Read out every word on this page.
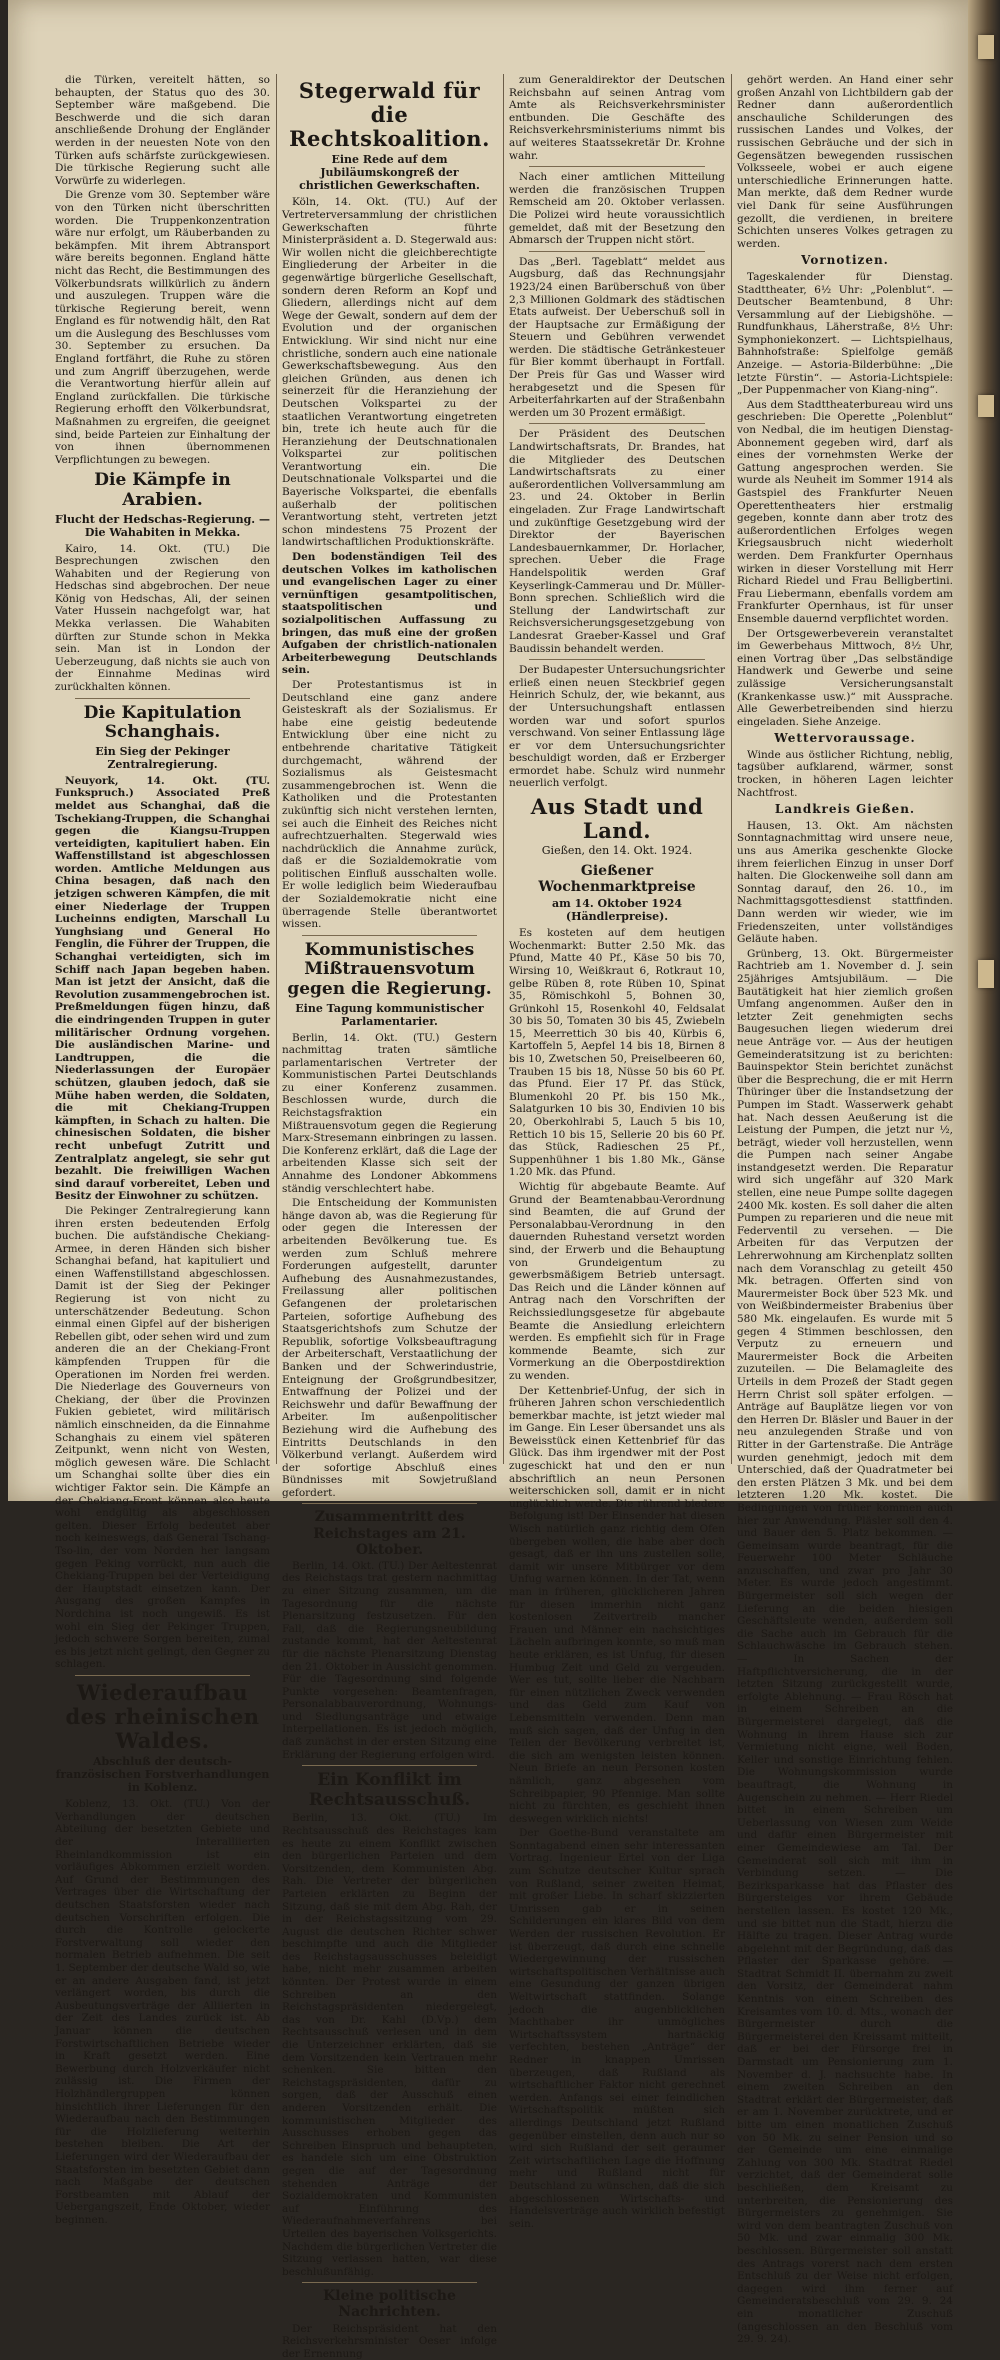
die Türken, vereitelt hätten, so behaupten, der Status quo des 30. September wäre maßgebend. Die Beschwerde und die sich daran anschließende Drohung der Engländer werden in der neuesten Note von den Türken aufs schärfste zurückgewiesen. Die türkische Regierung sucht alle Vorwürfe zu widerlegen.

Die Grenze vom 30. September wäre von den Türken nicht überschritten worden. Die Truppenkonzentration wäre nur erfolgt, um Räuberbanden zu bekämpfen. Mit ihrem Abtransport wäre bereits begonnen. England hätte nicht das Recht, die Bestimmungen des Völkerbundsrats willkürlich zu ändern und auszulegen. Truppen wäre die türkische Regierung bereit, wenn England es für notwendig hält, den Rat um die Auslegung des Beschlusses vom 30. September zu ersuchen. Da England fortfährt, die Ruhe zu stören und zum Angriff überzugehen, werde die Verantwortung hierfür allein auf England zurückfallen. Die türkische Regierung erhofft den Völkerbundsrat, Maßnahmen zu ergreifen, die geeignet sind, beide Parteien zur Einhaltung der von ihnen übernommenen Verpflichtungen zu bewegen.

Die Kämpfe in Arabien.
Flucht der Hedschas-Regierung. — Die Wahabiten in Mekka.

Kairo, 14. Okt. (TU.) Die Besprechungen zwischen den Wahabiten und der Regierung von Hedschas sind abgebrochen. Der neue König von Hedschas, Ali, der seinen Vater Hussein nachgefolgt war, hat Mekka verlassen. Die Wahabiten dürften zur Stunde schon in Mekka sein. Man ist in London der Ueberzeugung, daß nichts sie auch von der Einnahme Medinas wird zurückhalten können.

Die Kapitulation Schanghais.
Ein Sieg der Pekinger Zentralregierung.

Neuyork, 14. Okt. (TU. Funkspruch.) Associated Preß meldet aus Schanghai, daß die Tschekiang-Truppen, die Schanghai gegen die Kiangsu-Truppen verteidigten, kapituliert haben. Ein Waffenstillstand ist abgeschlossen worden. Amtliche Meldungen aus China besagen, daß nach den jetzigen schweren Kämpfen, die mit einer Niederlage der Truppen Lucheinns endigten, Marschall Lu Yunghsiang und General Ho Fenglin, die Führer der Truppen, die Schanghai verteidigten, sich im Schiff nach Japan begeben haben. Man ist jetzt der Ansicht, daß die Revolution zusammengebrochen ist. Preßmeldungen fügen hinzu, daß die eindringenden Truppen in guter militärischer Ordnung vorgehen. Die ausländischen Marine- und Landtruppen, die die Niederlassungen der Europäer schützen, glauben jedoch, daß sie Mühe haben werden, die Soldaten, die mit Chekiang-Truppen kämpften, in Schach zu halten. Die chinesischen Soldaten, die bisher recht unbefugt Zutritt und Zentralplatz angelegt, sie sehr gut bezahlt. Die freiwilligen Wachen sind darauf vorbereitet, Leben und Besitz der Einwohner zu schützen.

Die Pekinger Zentralregierung kann ihren ersten bedeutenden Erfolg buchen. Die aufständische Chekiang-Armee, in deren Händen sich bisher Schanghai befand, hat kapituliert und einen Waffenstillstand abgeschlossen. Damit ist der Sieg der Pekinger Regierung ist von nicht zu unterschätzender Bedeutung. Schon einmal einen Gipfel auf der bisherigen Rebellen gibt, oder sehen wird und zum anderen die an der Chekiang-Front kämpfenden Truppen für die Operationen im Norden frei werden. Die Niederlage des Gouverneurs von Chekiang, der über die Provinzen Fukien gebietet, wird militärisch nämlich einschneiden, da die Einnahme Schanghais zu einem viel späteren Zeitpunkt, wenn nicht von Westen, möglich gewesen wäre. Die Schlacht um Schanghai sollte über dies ein wichtiger Faktor sein. Die Kämpfe an der Chekiang-Front können also heute wohl endgültig als abgeschlossen gelten. Dieser Erfolg bedeutet aber noch keineswegs, daß General Tschang-Tso-lin, der vom Norden her langsam gegen Peking vorrückt, nun auch die Chekiang-Truppen bei der Verteidigung der Hauptstadt einsetzen kann. Der Ausgang des großen Kampfes in Nordchina ist noch ungewiß. Es ist wohl ein Sieg der Pekinger Truppen, jedoch schwere Sorgen bereiten, zumal es bis jetzt nicht gelingt, den Gegner zu schlagen.

Wiederaufbau des rheinischen Waldes.
Abschluß der deutsch-französischen Forstverhandlungen in Koblenz.

Koblenz, 13. Okt. (TU.) Von der Verhandlungen der deutschen Abteilung der besetzten Gebiete und der Interalliierten Rheinlandkommission ist ein vorläufiges Abkommen erzielt worden. Auf Grund der Bestimmungen des Vertrages über die Wirtschaftung der deutschen Staatsforsten wieder nach deutschen Vorschriften erfolgen. Die durch die Kontrolle gelockerte Forstverwaltung soll wieder den normalen Betrieb aufnehmen. Die seit 1. September der deutsche Wald so, wie er an andere Ausgaben fand, ist jetzt verlängert worden, bis durch die Ausbeutungsverträge der Alliierten in der Zeit des Landes zurück ist. Ab Januar können die deutschen Forstwirtschaftlichen Betriebe wieder in Kraft gesetzt werden. Eine Bewerbung durch Holzverkäufer nicht zulässig ist. Die Firmen der Holzhändlergruppen können hinsichtlich ihrer Lieferungen für den Wiederaufbau nach den Bestimmungen für die Holzlieferung weiterhin bestehen bleiben. Die Art der Lieferungen wird der Wiederaufbau der Staatsforsten im besetzten Gebiet dann nach Maßgabe der deutschen Forstbeamten mit Ablauf der Uebergangszeit, Ende Oktober, wieder beginnen.

Stegerwald für die Rechtskoalition.
Eine Rede auf dem Jubiläumskongreß der christlichen Gewerkschaften.

Köln, 14. Okt. (TU.) Auf der Vertreterversammlung der christlichen Gewerkschaften führte Ministerpräsident a. D. Stegerwald aus: Wir wollen nicht die gleichberechtigte Eingliederung der Arbeiter in die gegenwärtige bürgerliche Gesellschaft, sondern deren Reform an Kopf und Gliedern, allerdings nicht auf dem Wege der Gewalt, sondern auf dem der Evolution und der organischen Entwicklung. Wir sind nicht nur eine christliche, sondern auch eine nationale Gewerkschaftsbewegung. Aus den gleichen Gründen, aus denen ich seinerzeit für die Heranziehung der Deutschen Volkspartei zu der staatlichen Verantwortung eingetreten bin, trete ich heute auch für die Heranziehung der Deutschnationalen Volkspartei zur politischen Verantwortung ein. Die Deutschnationale Volkspartei und die Bayerische Volkspartei, die ebenfalls außerhalb der politischen Verantwortung steht, vertreten jetzt schon mindestens 75 Prozent der landwirtschaftlichen Produktionskräfte.

Den bodenständigen Teil des deutschen Volkes im katholischen und evangelischen Lager zu einer vernünftigen gesamtpolitischen, staatspolitischen und sozialpolitischen Auffassung zu bringen, das muß eine der großen Aufgaben der christlich-nationalen Arbeiterbewegung Deutschlands sein.

Der Protestantismus ist in Deutschland eine ganz andere Geisteskraft als der Sozialismus. Er habe eine geistig bedeutende Entwicklung über eine nicht zu entbehrende charitative Tätigkeit durchgemacht, während der Sozialismus als Geistesmacht zusammengebrochen ist. Wenn die Katholiken und die Protestanten zukünftig sich nicht verstehen lernten, sei auch die Einheit des Reiches nicht aufrechtzuerhalten. Stegerwald wies nachdrücklich die Annahme zurück, daß er die Sozialdemokratie vom politischen Einfluß ausschalten wolle. Er wolle lediglich beim Wiederaufbau der Sozialdemokratie nicht eine überragende Stelle überantwortet wissen.

Kommunistisches Mißtrauensvotum gegen die Regierung.
Eine Tagung kommunistischer Parlamentarier.

Berlin, 14. Okt. (TU.) Gestern nachmittag traten sämtliche parlamentarischen Vertreter der Kommunistischen Partei Deutschlands zu einer Konferenz zusammen. Beschlossen wurde, durch die Reichstagsfraktion ein Mißtrauensvotum gegen die Regierung Marx-Stresemann einbringen zu lassen. Die Konferenz erklärt, daß die Lage der arbeitenden Klasse sich seit der Annahme des Londoner Abkommens ständig verschlechtert habe.

Die Entscheidung der Kommunisten hänge davon ab, was die Regierung für oder gegen die Interessen der arbeitenden Bevölkerung tue. Es werden zum Schluß mehrere Forderungen aufgestellt, darunter Aufhebung des Ausnahmezustandes, Freilassung aller politischen Gefangenen der proletarischen Parteien, sofortige Aufhebung des Staatsgerichtshofs zum Schutze der Republik, sofortige Volksbeauftragung der Arbeiterschaft, Verstaatlichung der Banken und der Schwerindustrie, Enteignung der Großgrundbesitzer, Entwaffnung der Polizei und der Reichswehr und dafür Bewaffnung der Arbeiter. Im außenpolitischer Beziehung wird die Aufhebung des Eintritts Deutschlands in den Völkerbund verlangt. Außerdem wird der sofortige Abschluß eines Bündnisses mit Sowjetrußland gefordert.

Zusammentritt des Reichstages am 21. Oktober.

Berlin, 14. Okt. (TU.) Der Aeltestenrat des Reichstags trat gestern nachmittag zu einer Sitzung zusammen, um die Tagesordnung für die nächste Plenarsitzung festzusetzen. Für den Fall, daß die Regierungsneubildung zustande kommt, hat der Aeltestenrat für die nächste Plenarsitzung Dienstag den 21. Oktober in Aussicht genommen. Für die Tagesordnung sind folgende Punkte vorgesehen: Beamtenfragen, Personalabbauverordnung, Wohnungs- und Siedlungsanträge und etwaige Interpellationen. Es ist jedoch möglich, daß zunächst in der ersten Sitzung eine Erklärung der Regierung erfolgen wird.

Ein Konflikt im Rechtsausschuß.

Berlin, 13. Okt. (TU.) Im Rechtsausschuß des Reichstages kam es heute zu einem Konflikt zwischen den bürgerlichen Parteien und dem Vorsitzenden, dem Kommunisten Abg. Rah. Die Vertreter der bürgerlichen Parteien erklärten zu Beginn der Sitzung, daß sie mit dem Abg. Rah, der in der Reichstagssitzung vom 29. August die deutschen Richter schwer beschimpfte und auch die Mitglieder des Reichstagsausschusses beleidigt habe, nicht mehr zusammen arbeiten könnten. Der Protest wurde in einem Schreiben an den Reichstagspräsidenten niedergelegt, das von Dr. Kahl (D.Vp.) dem Rechtsausschuß verlesen und in dem die Unterzeichner erklärten, daß sie dem Vorsitzenden kein Vertrauen mehr schenken. Sie bitten den Reichstagspräsidenten, dafür zu sorgen, daß der Ausschuß einen anderen Vorsitzenden erhält. Die kommunistischen Mitglieder des Ausschusses erhoben gegen das Schreiben Einspruch und behaupteten, es handele sich um eine Obstruktion gegen die auf der Tagesordnung stehenden Anträge der Sozialdemokraten und Kommunisten auf Einführung des Wiederaufnahmeverfahrens bei Urteilen des bayerischen Volksgerichts. Nachdem die bürgerlichen Vertreter die Sitzung verlassen hatten, war diese beschlußunfähig.

Kleine politische Nachrichten.

Der Reichspräsident hat den Reichsverkehrsminister Oeser infolge der Ernennung

zum Generaldirektor der Deutschen Reichsbahn auf seinen Antrag vom Amte als Reichsverkehrsminister entbunden. Die Geschäfte des Reichsverkehrsministeriums nimmt bis auf weiteres Staatssekretär Dr. Krohne wahr.

Nach einer amtlichen Mitteilung werden die französischen Truppen Remscheid am 20. Oktober verlassen. Die Polizei wird heute voraussichtlich gemeldet, daß mit der Besetzung den Abmarsch der Truppen nicht stört.

Das „Berl. Tageblatt“ meldet aus Augsburg, daß das Rechnungsjahr 1923/24 einen Barüberschuß von über 2,3 Millionen Goldmark des städtischen Etats aufweist. Der Ueberschuß soll in der Hauptsache zur Ermäßigung der Steuern und Gebühren verwendet werden. Die städtische Getränkesteuer für Bier kommt überhaupt in Fortfall. Der Preis für Gas und Wasser wird herabgesetzt und die Spesen für Arbeiterfahrkarten auf der Straßenbahn werden um 30 Prozent ermäßigt.

Der Präsident des Deutschen Landwirtschaftsrats, Dr. Brandes, hat die Mitglieder des Deutschen Landwirtschaftsrats zu einer außerordentlichen Vollversammlung am 23. und 24. Oktober in Berlin eingeladen. Zur Frage Landwirtschaft und zukünftige Gesetzgebung wird der Direktor der Bayerischen Landesbauernkammer, Dr. Horlacher, sprechen. Ueber die Frage Handelspolitik werden Graf Keyserlingk-Cammerau und Dr. Müller-Bonn sprechen. Schließlich wird die Stellung der Landwirtschaft zur Reichsversicherungsgesetzgebung von Landesrat Graeber-Kassel und Graf Baudissin behandelt werden.

Der Budapester Untersuchungsrichter erließ einen neuen Steckbrief gegen Heinrich Schulz, der, wie bekannt, aus der Untersuchungshaft entlassen worden war und sofort spurlos verschwand. Von seiner Entlassung läge er vor dem Untersuchungsrichter beschuldigt worden, daß er Erzberger ermordet habe. Schulz wird nunmehr neuerlich verfolgt.

Aus Stadt und Land.
Gießen, den 14. Okt. 1924.
Gießener Wochenmarktpreise
am 14. Oktober 1924 (Händlerpreise).

Es kosteten auf dem heutigen Wochenmarkt: Butter 2.50 Mk. das Pfund, Matte 40 Pf., Käse 50 bis 70, Wirsing 10, Weißkraut 6, Rotkraut 10, gelbe Rüben 8, rote Rüben 10, Spinat 35, Römischkohl 5, Bohnen 30, Grünkohl 15, Rosenkohl 40, Feldsalat 30 bis 50, Tomaten 30 bis 45, Zwiebeln 15, Meerrettich 30 bis 40, Kürbis 6, Kartoffeln 5, Aepfel 14 bis 18, Birnen 8 bis 10, Zwetschen 50, Preiselbeeren 60, Trauben 15 bis 18, Nüsse 50 bis 60 Pf. das Pfund. Eier 17 Pf. das Stück, Blumenkohl 20 Pf. bis 150 Mk., Salatgurken 10 bis 30, Endivien 10 bis 20, Oberkohlrabi 5, Lauch 5 bis 10, Rettich 10 bis 15, Sellerie 20 bis 60 Pf. das Stück, Radieschen 25 Pf., Suppenhühner 1 bis 1.80 Mk., Gänse 1.20 Mk. das Pfund.

Wichtig für abgebaute Beamte. Auf Grund der Beamtenabbau-Verordnung sind Beamten, die auf Grund der Personalabbau-Verordnung in den dauernden Ruhestand versetzt worden sind, der Erwerb und die Behauptung von Grundeigentum zu gewerbsmäßigem Betrieb untersagt. Das Reich und die Länder können auf Antrag nach den Vorschriften der Reichssiedlungsgesetze für abgebaute Beamte die Ansiedlung erleichtern werden. Es empfiehlt sich für in Frage kommende Beamte, sich zur Vormerkung an die Oberpostdirektion zu wenden.

Der Kettenbrief-Unfug, der sich in früheren Jahren schon verschiedentlich bemerkbar machte, ist jetzt wieder mal im Gange. Ein Leser übersandet uns als Beweisstück einen Kettenbrief für das Glück. Das ihm irgendwer mit der Post zugeschickt hat und den er nun abschriftlich an neun Personen weiterschicken soll, damit er in nicht unglücklich werde. Die rührend biedere Befolgung ist! Der Einsender hat diesen Wisch natürlich ganz richtig dem Ofen übergeben wollen, die habe aber doch gesagt, daß er ihn uns zustellen solle, damit wir unsere Mitbürger vor dem Unfug warnen können. In der Tat, wenn man in früheren, glücklicheren Jahren für diesen immerhin nicht ganz kostenlosen Zeitvertreib mancher Frauen und Männer ein nachsichtiges Lächeln aufbringen konnte, so muß man heute erklären, es ist Unfug, für diesen Humbug Zeit und Geld zu vergeuden. Wer es tut, sollte lieber die Nachbarn für einen nützlichen Zweck verwenden und das Geld zum Kauf von Lebensmitteln verwenden. Denn man muß sich sagen, daß der Unfug in den Teilen der Bevölkerung verbreitet ist, die sich am wenigsten leisten können. Neun Briefe an neun Personen kosten nämlich, ganz abgesehen vom Schreibpapier, 90 Pfennige. Man sollte nicht zu fürchten, es geschieht ihnen deswegen wirklich nichts!

Der Goethe-Bund veranstaltete am Sonntagabend einen sehr interessanten Vortrag. Ingenieur Ertel von der Liga zum Schutze deutscher Kultur sprach von Rußland, seiner zweiten Heimat, mit großer Liebe. In scharf skizzierten Umrissen gab er in seinen Schilderungen ein klares Bild von dem Werden der russischen Revolution. Er ist überzeugt, daß durch eine schnelle Wiedergewinnung der russischen wirtschaftspolitischen Verhältnisse auch eine Gesundung der ganzen übrigen Weltwirtschaft stattfinden. Solange jedoch die augenblicklichen Machthaber ihr unmögliches Wirtschaftssystem hartnäckig verfechten, bestehen „Anträge“ der Redner in knappen Umrissen überzeugen, daß Rußland als wirtschaftlicher Faktor nicht gerechnet werden. Anfangs sei einer feindlichen Wirtschaftspolitik müßten sich allerdings Deutschland jetzt Rußland gegenüber einstellen, denn auch nur so wird sich Rußland der seit geraumer Zeit wirtschaftlichen Lage die Hoffnung mehr und Rußland nicht für Deutschland zu wünschen, daß die sich abgeschlossenen Wirtschafts- und Handelsverträge auch wirklich befestigt sein.

gehört werden. An Hand einer sehr großen Anzahl von Lichtbildern gab der Redner dann außerordentlich anschauliche Schilderungen des russischen Landes und Volkes, der russischen Gebräuche und der sich in Gegensätzen bewegenden russischen Volksseele, wobei er auch eigene unterschiedliche Erinnerungen hatte. Man merkte, daß dem Redner wurde viel Dank für seine Ausführungen gezollt, die verdienen, in breitere Schichten unseres Volkes getragen zu werden.

Vornotizen.

Tageskalender für Dienstag. Stadttheater, 6½ Uhr: „Polenblut“. — Deutscher Beamtenbund, 8 Uhr: Versammlung auf der Liebigshöhe. — Rundfunkhaus, Läherstraße, 8½ Uhr: Symphoniekonzert. — Lichtspielhaus, Bahnhofstraße: Spielfolge gemäß Anzeige. — Astoria-Bilderbühne: „Die letzte Fürstin“. — Astoria-Lichtspiele: „Der Puppenmacher von Kiang-ning“.

Aus dem Stadttheaterbureau wird uns geschrieben: Die Operette „Polenblut“ von Nedbal, die im heutigen Dienstag-Abonnement gegeben wird, darf als eines der vornehmsten Werke der Gattung angesprochen werden. Sie wurde als Neuheit im Sommer 1914 als Gastspiel des Frankfurter Neuen Operettentheaters hier erstmalig gegeben, konnte dann aber trotz des außerordentlichen Erfolges wegen Kriegsausbruch nicht wiederholt werden. Dem Frankfurter Opernhaus wirken in dieser Vorstellung mit Herr Richard Riedel und Frau Belligbertini. Frau Liebermann, ebenfalls vordem am Frankfurter Opernhaus, ist für unser Ensemble dauernd verpflichtet worden.

Der Ortsgewerbeverein veranstaltet im Gewerbehaus Mittwoch, 8½ Uhr, einen Vortrag über „Das selbständige Handwerk und Gewerbe und seine zulässige Versicherungsanstalt (Krankenkasse usw.)“ mit Aussprache. Alle Gewerbetreibenden sind hierzu eingeladen. Siehe Anzeige.

Wettervoraussage.

Winde aus östlicher Richtung, neblig, tagsüber aufklarend, wärmer, sonst trocken, in höheren Lagen leichter Nachtfrost.

Landkreis Gießen.

Hausen, 13. Okt. Am nächsten Sonntagnachmittag wird unsere neue, uns aus Amerika geschenkte Glocke ihrem feierlichen Einzug in unser Dorf halten. Die Glockenweihe soll dann am Sonntag darauf, den 26. 10., im Nachmittagsgottesdienst stattfinden. Dann werden wir wieder, wie im Friedenszeiten, unter vollständiges Geläute haben.

Grünberg, 13. Okt. Bürgermeister Rachtrieb am 1. November d. J. sein 25jähriges Amtsjubiläum. — Die Bautätigkeit hat hier ziemlich großen Umfang angenommen. Außer den in letzter Zeit genehmigten sechs Baugesuchen liegen wiederum drei neue Anträge vor. — Aus der heutigen Gemeinderatsitzung ist zu berichten: Bauinspektor Stein berichtet zunächst über die Besprechung, die er mit Herrn Thüringer über die Instandsetzung der Pumpen im Stadt. Wasserwerk gehabt hat. Nach dessen Aeußerung ist die Leistung der Pumpen, die jetzt nur ½, beträgt, wieder voll herzustellen, wenn die Pumpen nach seiner Angabe instandgesetzt werden. Die Reparatur wird sich ungefähr auf 320 Mark stellen, eine neue Pumpe sollte dagegen 2400 Mk. kosten. Es soll daher die alten Pumpen zu reparieren und die neue mit Federventil zu versehen. — Die Arbeiten für das Verputzen der Lehrerwohnung am Kirchenplatz sollten nach dem Voranschlag zu geteilt 450 Mk. betragen. Offerten sind von Maurermeister Bock über 523 Mk. und von Weißbindermeister Brabenius über 580 Mk. eingelaufen. Es wurde mit 5 gegen 4 Stimmen beschlossen, den Verputz zu erneuern und Maurermeister Bock die Arbeiten zuzuteilen. — Die Belamagleite des Urteils in dem Prozeß der Stadt gegen Herrn Christ soll später erfolgen. — Anträge auf Bauplätze liegen vor von den Herren Dr. Bläsler und Bauer in der neu anzulegenden Straße und von Ritter in der Gartenstraße. Die Anträge wurden genehmigt, jedoch mit dem Unterschied, daß der Quadratmeter bei den ersten Plätzen 3 Mk. und bei dem letzteren 1.20 Mk. kostet. Die Bedingungen von früher kommen auch hier zur Anwendung. Pläsler soll den 4. und Bauer den 5. Platz bekommen. — Gemeinsam wurde beantragt, für die Feuerwehr 100 Meter Schläuche anzuschaffen, und zwar pro Jahr 30 Meter. Es wurde jedoch angestimmt. Bürgermeister soll sich wegen der Lieferung an die beiden hiesigen Geschäftsleute wenden, außerdem soll die Sache auch im Gebrauch für die Schlauchwäsche im Gebrauch stehen. — In Sachen der Haftpflichtversicherung, die in der letzten Sitzung zurückgestellt wurde, erfolgte Ablehnung. — Frau Rösch hat in einem Schreiben an die Bürgermeisterei dargelegt, daß die Wohnung in ihrem Hause sich zur Vermietung nicht eigne, weil Boden, Keller und sonstige Einrichtung fehlen. Die Wohnungskommission wurde beauftragt, die Wohnung in Augenschein zu nehmen. — Herr Riedel bittet in einem Schreiben um Ueberlassung von Wiesen zum Weide und dafür einen Bürgermeister mit einer Gemeindewiese am Tal. Der Gemeinderat soll sich mit ihm in Verbindung setzen. — Die Bezirksparkasse hat das Pflaster des Bürgersteiges vor ihrem Gebäude herstellen lassen. Es kostet 120 Mk., und sie bittet nun die Stadt, hierzu die Hälfte zu tragen. Dieser Antrag wurde abgelehnt mit der Begründung, daß das Pflaster der Sparkasse gehöre. — Stadtrat Schmidt II. übernahm zu zweit den Vorsitz, der Gemeinderat nahm Kenntnis von einem Schreiben des Kreisamtes vom 10. d. Mts., wonach der Bürgermeister durch die Bürgermeisterei den Kreissamt mitteilt, daß er bei der Fürsorge frei in Darmstadt um Pensionierung zum 1. November d. J. nachsuchte habe. In einem zweiten Schreiben an den Stadtrat erklärt der Bürgermeister, daß er am 1. November zurücktrete, und er bitte um einen monatlichen Zuschuß von 50 Mk. zu seiner Pension und so der Gemeinde um eine einmalige Zahlung von 300 Mk. Stadtrat Riedel verzichtet, daß der Gemeinderat solle beschließen, dem Kreisamt zu unterbreiten, die Pensionierung des Bürgermeisters zu genehmigen. Sie wird von dem beantragten Zuschuß von 50 Mk. und zwar einmalig 300 Mk. beschlossen. Bürgermeister soll anstatt des Antrags vorerst nach dem ersten Entschluß zu der Weise nicht erfolgen, dagegen wird ihm ferner auf Gemeinderatsbeschluß vom 29. 9. 24 ein monatlicher Zuschuß (angeschlossen an den Beschluß vom 29. 9. 24).
